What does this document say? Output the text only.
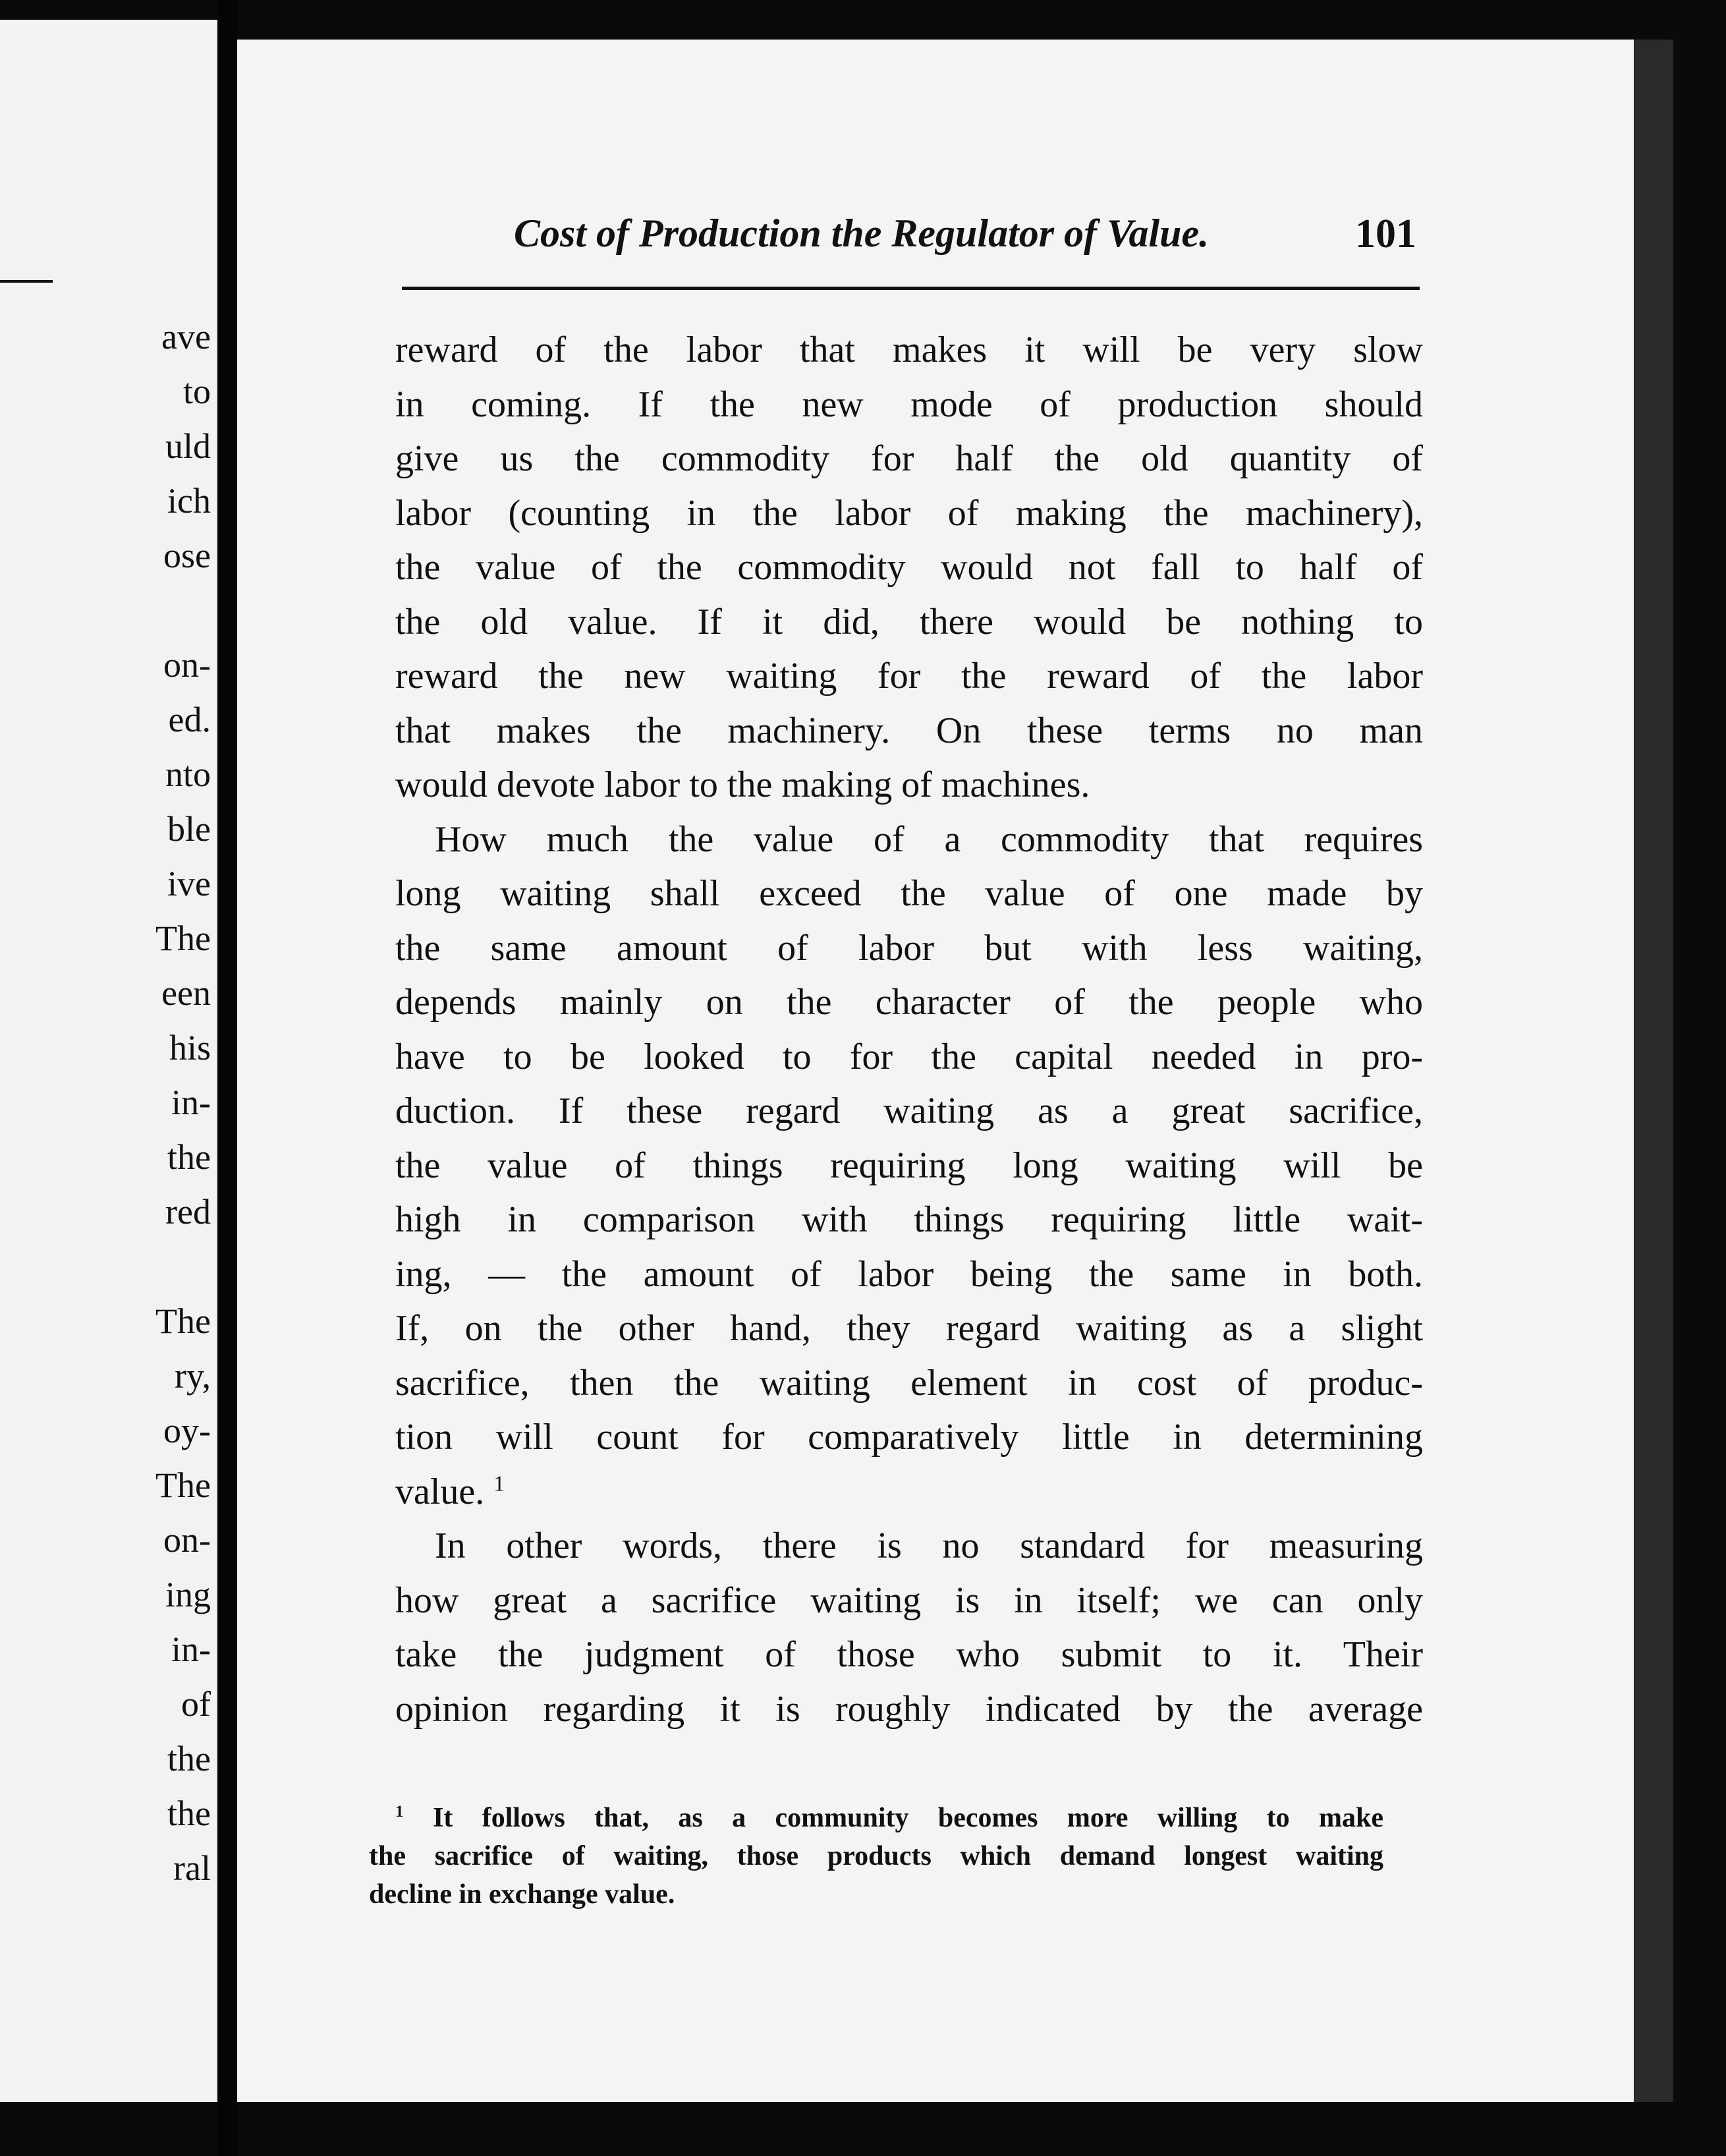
ave
to
uld
ich
ose
on-
ed.
nto
ble
ive
The
een
his
in-
the
red
The
ry,
oy-
The
on-
ing
in-
of
the
the
ral
Cost of Production the Regulator of Value.	101
reward of the labor that makes it will be very slow
in coming. If the new mode of production should
give us the commodity for half the old quantity of
labor (counting in the labor of making the machinery),
the value of the commodity would not fall to half of
the old value. If it did, there would be nothing to
reward the new waiting for the reward of the labor
that makes the machinery. On these terms no man
would devote labor to the making of machines.
How much the value of a commodity that requires
long waiting shall exceed the value of one made by
the same amount of labor but with less waiting,
depends mainly on the character of the people who
have to be looked to for the capital needed in pro-
duction. If these regard waiting as a great sacrifice,
the value of things requiring long waiting will be
high in comparison with things requiring little wait-
ing, — the amount of labor being the same in both.
If, on the other hand, they regard waiting as a slight
sacrifice, then the waiting element in cost of produc-
tion will count for comparatively little in determining
value. $^1$
In other words, there is no standard for measuring
how great a sacrifice waiting is in itself; we can only
take the judgment of those who submit to it. Their
opinion regarding it is roughly indicated by the average
$^1$ It follows that, as a community becomes more willing to make
the sacrifice of waiting, those products which demand longest waiting
decline in exchange value.
